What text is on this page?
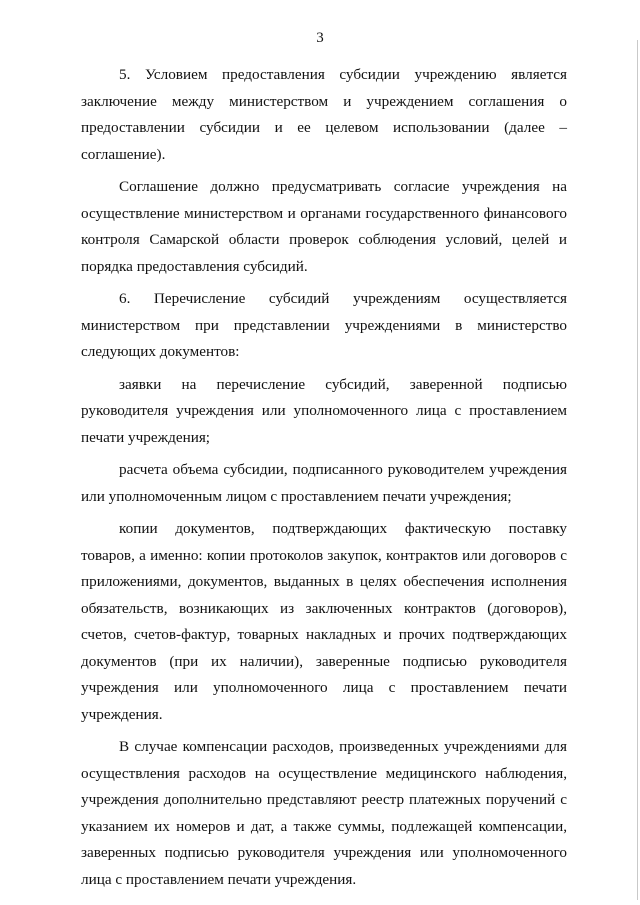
3

5. Условием предоставления субсидии учреждению является заключение между министерством и учреждением соглашения о предоставлении субсидии и ее целевом использовании (далее – соглашение).

Соглашение должно предусматривать согласие учреждения на осуществление министерством и органами государственного финансового контроля Самарской области проверок соблюдения условий, целей и порядка предоставления субсидий.

6. Перечисление субсидий учреждениям осуществляется министерством при представлении учреждениями в министерство следующих документов:

заявки на перечисление субсидий, заверенной подписью руководителя учреждения или уполномоченного лица с проставлением печати учреждения;

расчета объема субсидии, подписанного руководителем учреждения или уполномоченным лицом с проставлением печати учреждения;

копии документов, подтверждающих фактическую поставку товаров, а именно: копии протоколов закупок, контрактов или договоров с приложениями, документов, выданных в целях обеспечения исполнения обязательств, возникающих из заключенных контрактов (договоров), счетов, счетов-фактур, товарных накладных и прочих подтверждающих документов (при их наличии), заверенные подписью руководителя учреждения или уполномоченного лица с проставлением печати учреждения.

В случае компенсации расходов, произведенных учреждениями для осуществления расходов на осуществление медицинского наблюдения, учреждения дополнительно представляют реестр платежных поручений с указанием их номеров и дат, а также суммы, подлежащей компенсации, заверенных подписью руководителя учреждения или уполномоченного лица с проставлением печати учреждения.
